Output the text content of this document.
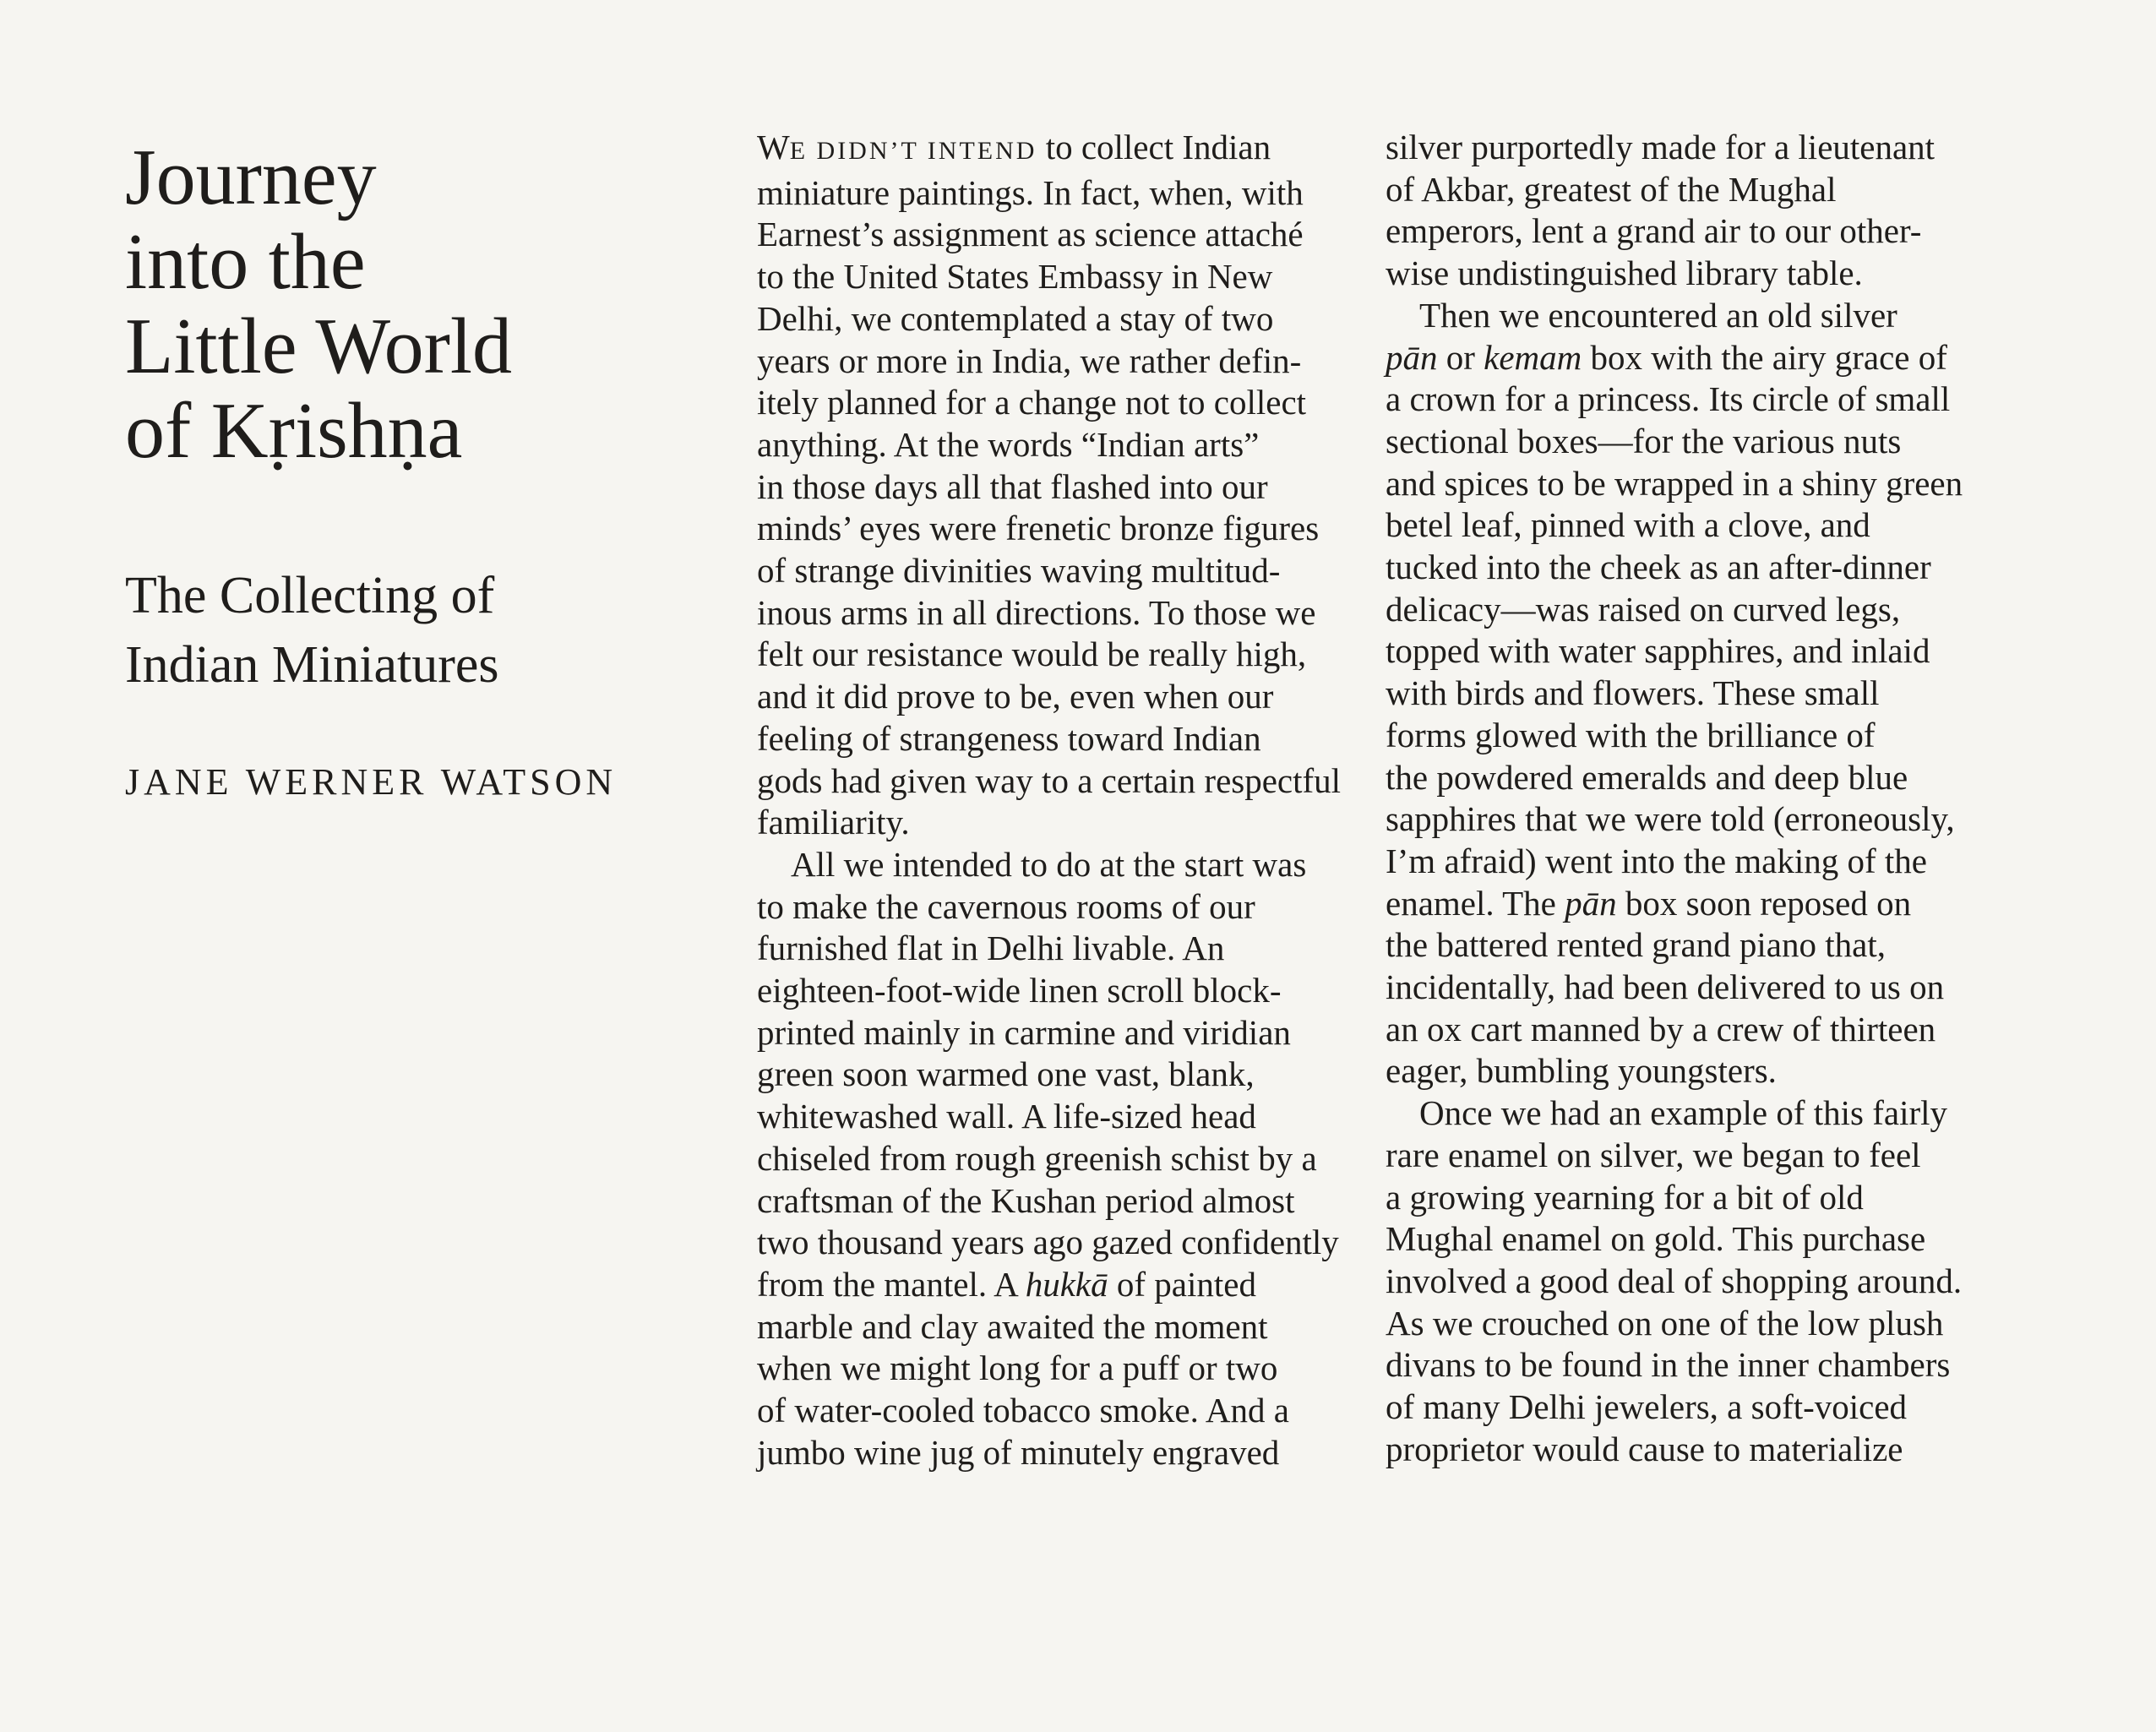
Journey
into the
Little World
of Kṛishṇa
The Collecting of
Indian Miniatures
JANE WERNER WATSON
WE DIDN’T INTEND to collect Indian
miniature paintings. In fact, when, with
Earnest’s assignment as science attaché
to the United States Embassy in New
Delhi, we contemplated a stay of two
years or more in India, we rather defin-
itely planned for a change not to collect
anything. At the words “Indian arts”
in those days all that flashed into our
minds’ eyes were frenetic bronze figures
of strange divinities waving multitud-
inous arms in all directions. To those we
felt our resistance would be really high,
and it did prove to be, even when our
feeling of strangeness toward Indian
gods had given way to a certain respectful
familiarity.
All we intended to do at the start was
to make the cavernous rooms of our
furnished flat in Delhi livable. An
eighteen-foot-wide linen scroll block-
printed mainly in carmine and viridian
green soon warmed one vast, blank,
whitewashed wall. A life-sized head
chiseled from rough greenish schist by a
craftsman of the Kushan period almost
two thousand years ago gazed confidently
from the mantel. A hukkā of painted
marble and clay awaited the moment
when we might long for a puff or two
of water-cooled tobacco smoke. And a
jumbo wine jug of minutely engraved
silver purportedly made for a lieutenant
of Akbar, greatest of the Mughal
emperors, lent a grand air to our other-
wise undistinguished library table.
Then we encountered an old silver
pān or kemam box with the airy grace of
a crown for a princess. Its circle of small
sectional boxes—for the various nuts
and spices to be wrapped in a shiny green
betel leaf, pinned with a clove, and
tucked into the cheek as an after-dinner
delicacy—was raised on curved legs,
topped with water sapphires, and inlaid
with birds and flowers. These small
forms glowed with the brilliance of
the powdered emeralds and deep blue
sapphires that we were told (erroneously,
I’m afraid) went into the making of the
enamel. The pān box soon reposed on
the battered rented grand piano that,
incidentally, had been delivered to us on
an ox cart manned by a crew of thirteen
eager, bumbling youngsters.
Once we had an example of this fairly
rare enamel on silver, we began to feel
a growing yearning for a bit of old
Mughal enamel on gold. This purchase
involved a good deal of shopping around.
As we crouched on one of the low plush
divans to be found in the inner chambers
of many Delhi jewelers, a soft-voiced
proprietor would cause to materialize
